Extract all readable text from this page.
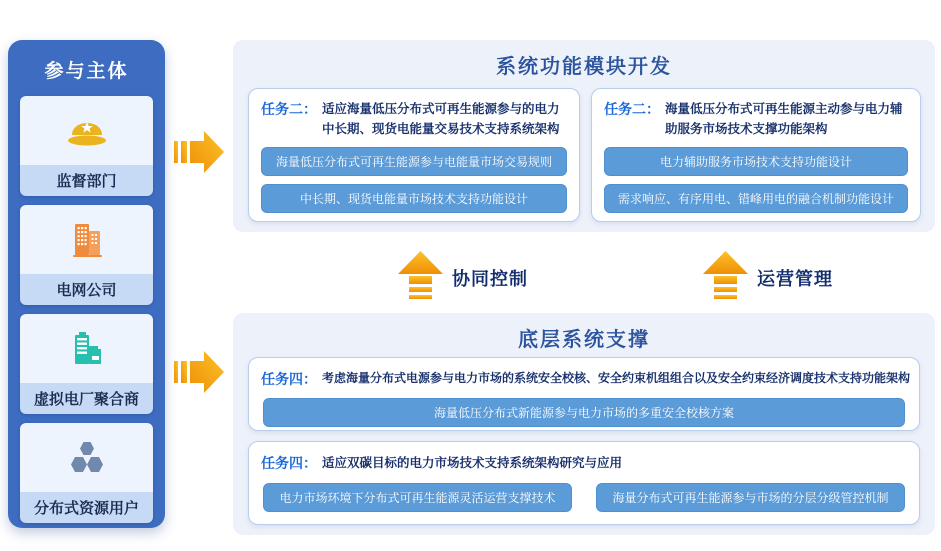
参与主体
监督部门
电网公司
虚拟电厂聚合商
分布式资源用户
系统功能模块开发
任务二： 适应海量低压分布式可再生能源参与的电力中长期、现货电能量交易技术支持系统架构
海量低压分布式可再生能源参与电能量市场交易规则
中长期、现货电能量市场技术支持功能设计
任务二： 海量低压分布式可再生能源主动参与电力辅助服务市场技术支撑功能架构
电力辅助服务市场技术支持功能设计
需求响应、有序用电、错峰用电的融合机制功能设计
协同控制	运营管理
底层系统支撑
任务四： 考虑海量分布式电源参与电力市场的系统安全校核、安全约束机组组合以及安全约束经济调度技术支持功能架构
海量低压分布式新能源参与电力市场的多重安全校核方案
任务四： 适应双碳目标的电力市场技术支持系统架构研究与应用
电力市场环境下分布式可再生能源灵活运营支撑技术	海量分布式可再生能源参与市场的分层分级管控机制
